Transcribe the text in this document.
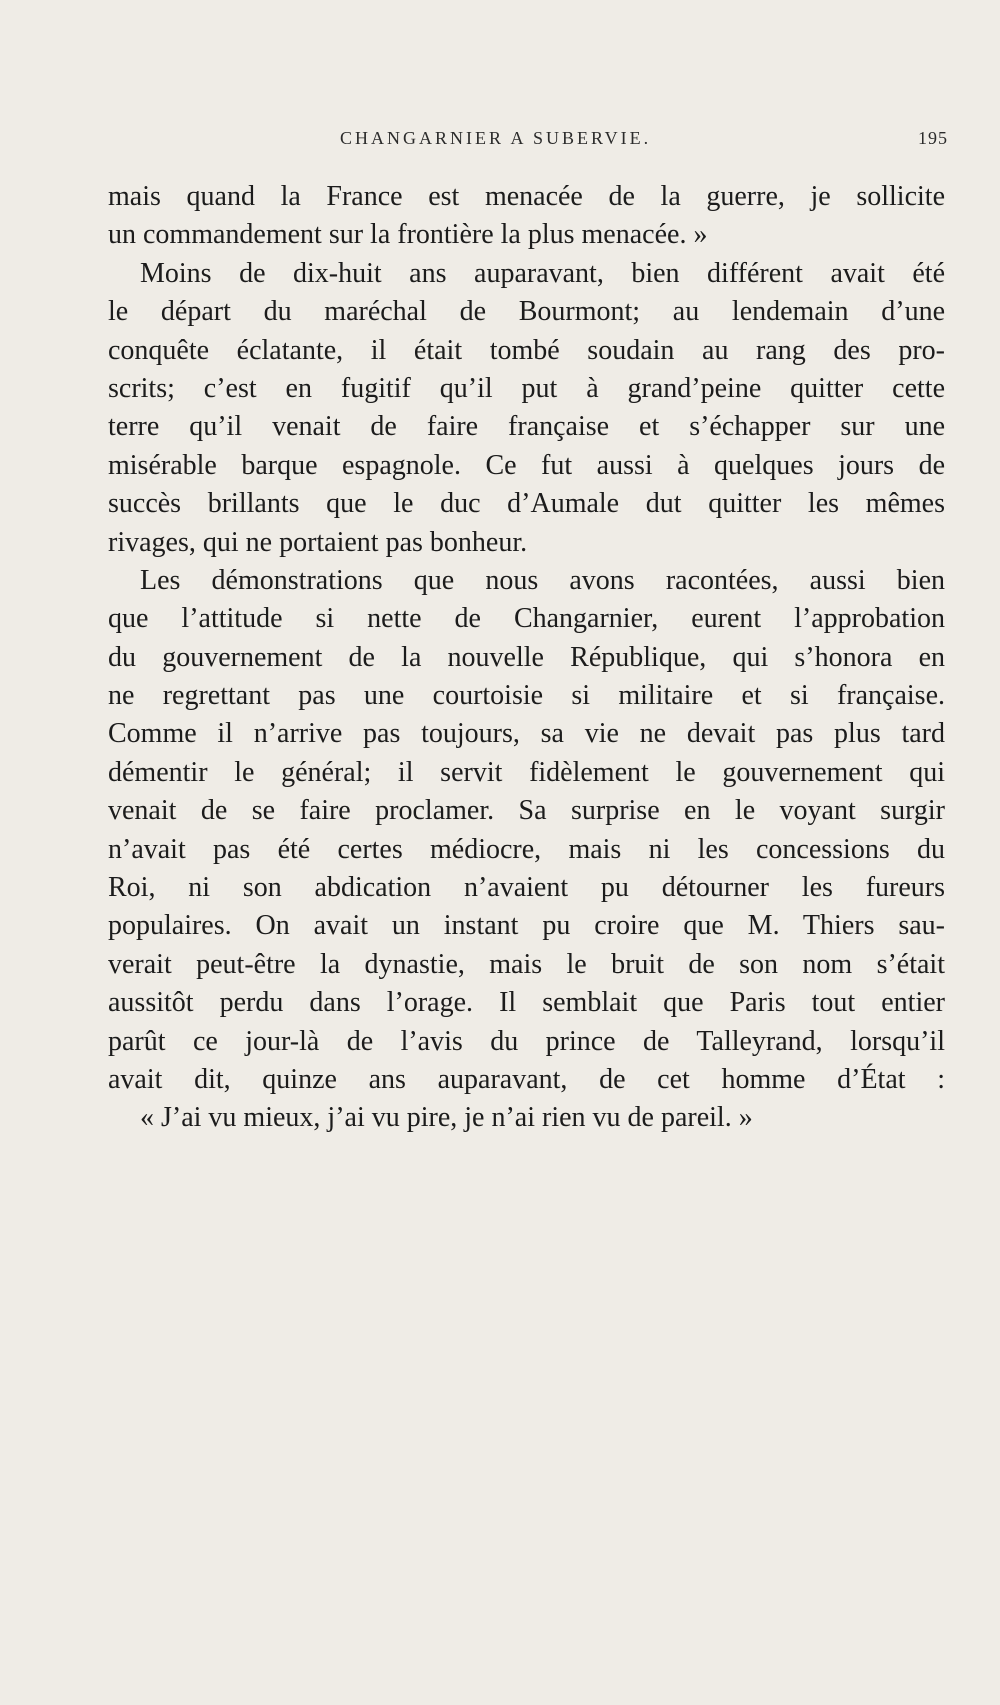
CHANGARNIER A SUBERVIE.	195
mais quand la France est menacée de la guerre, je sollicite
un commandement sur la frontière la plus menacée. »
Moins de dix-huit ans auparavant, bien différent avait été
le départ du maréchal de Bourmont; au lendemain d’une
conquête éclatante, il était tombé soudain au rang des pro-
scrits; c’est en fugitif qu’il put à grand’peine quitter cette
terre qu’il venait de faire française et s’échapper sur une
misérable barque espagnole. Ce fut aussi à quelques jours de
succès brillants que le duc d’Aumale dut quitter les mêmes
rivages, qui ne portaient pas bonheur.
Les démonstrations que nous avons racontées, aussi bien
que l’attitude si nette de Changarnier, eurent l’approbation
du gouvernement de la nouvelle République, qui s’honora en
ne regrettant pas une courtoisie si militaire et si française.
Comme il n’arrive pas toujours, sa vie ne devait pas plus tard
démentir le général; il servit fidèlement le gouvernement qui
venait de se faire proclamer. Sa surprise en le voyant surgir
n’avait pas été certes médiocre, mais ni les concessions du
Roi, ni son abdication n’avaient pu détourner les fureurs
populaires. On avait un instant pu croire que M. Thiers sau-
verait peut-être la dynastie, mais le bruit de son nom s’était
aussitôt perdu dans l’orage. Il semblait que Paris tout entier
parût ce jour-là de l’avis du prince de Talleyrand, lorsqu’il
avait dit, quinze ans auparavant, de cet homme d’État :
« J’ai vu mieux, j’ai vu pire, je n’ai rien vu de pareil. »
